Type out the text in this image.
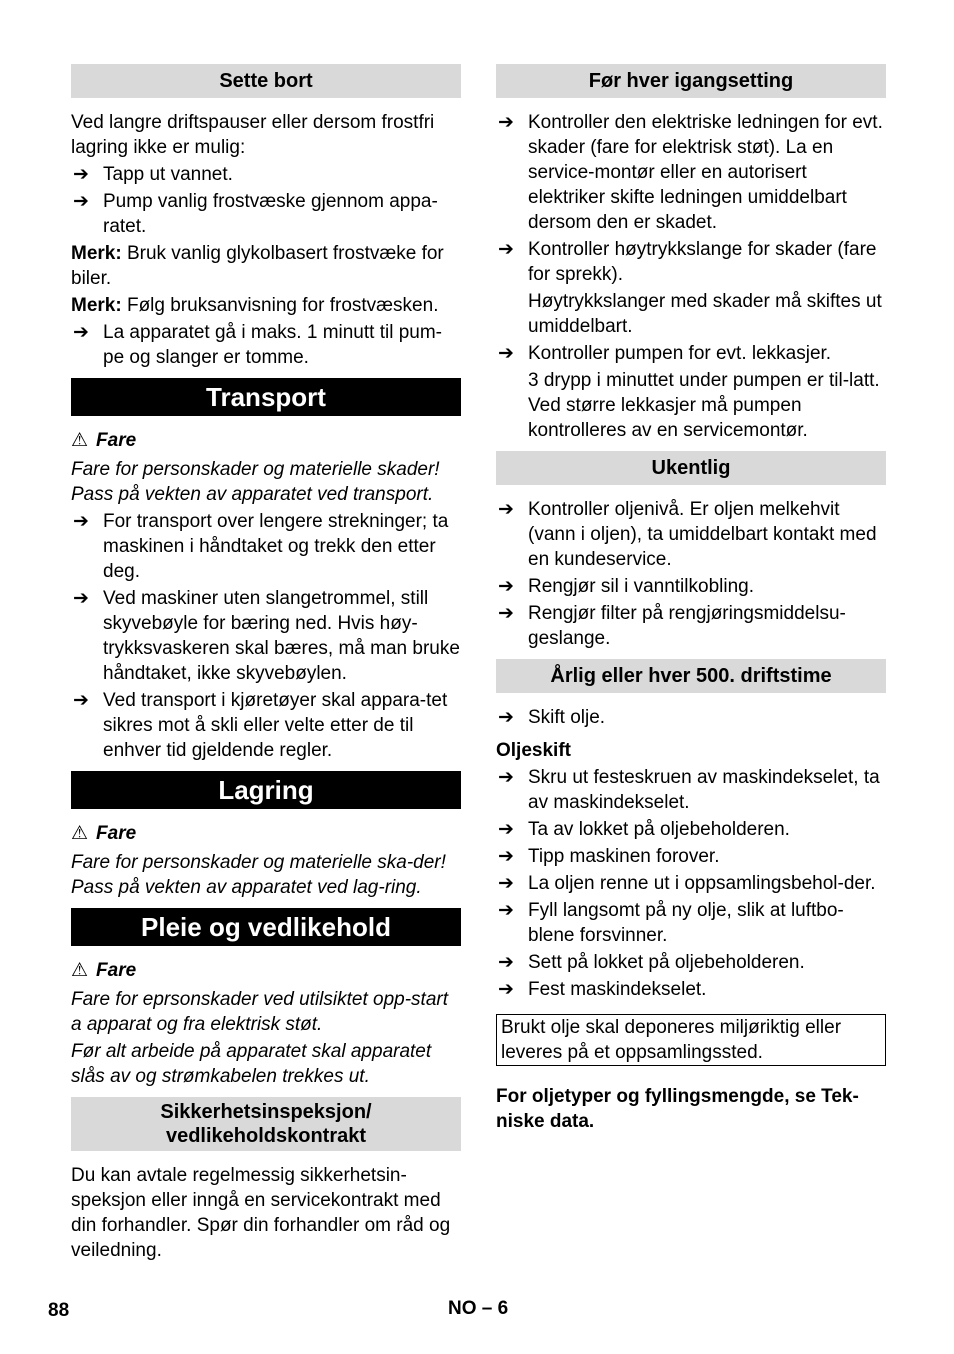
Sette bort

Ved langre driftspauser eller dersom frostfri lagring ikke er mulig:

➔ Tapp ut vannet.
➔ Pump vanlig frostvæske gjennom appa-ratet.

Merk: Bruk vanlig glykolbasert frostvæke for biler.

Merk: Følg bruksanvisning for frostvæsken.

➔ La apparatet gå i maks. 1 minutt til pum-pe og slanger er tomme.
Transport

⚠ Fare

Fare for personskader og materielle skader! Pass på vekten av apparatet ved transport.

➔ For transport over lengere strekninger; ta maskinen i håndtaket og trekk den etter deg.
➔ Ved maskiner uten slangetrommel, still skyvebøyle for bæring ned. Hvis høy-trykksvaskeren skal bæres, må man bruke håndtaket, ikke skyvebøylen.
➔ Ved transport i kjøretøyer skal appara-tet sikres mot å skli eller velte etter de til enhver tid gjeldende regler.
Lagring

⚠ Fare

Fare for personskader og materielle ska-der! Pass på vekten av apparatet ved lag-ring.

Pleie og vedlikehold

⚠ Fare

Fare for eprsonskader ved utilsiktet opp-start a apparat og fra elektrisk støt.

Før alt arbeide på apparatet skal apparatet slås av og strømkabelen trekkes ut.

Sikkerhetsinspeksjon/
vedlikeholdskontrakt

Du kan avtale regelmessig sikkerhetsin-speksjon eller inngå en servicekontrakt med din forhandler. Spør din forhandler om råd og veiledning.

Før hver igangsetting
➔ Kontroller den elektriske ledningen for evt. skader (fare for elektrisk støt). La en service-montør eller en autorisert elektriker skifte ledningen umiddelbart dersom den er skadet.
➔ Kontroller høytrykkslange for skader (fare for sprekk).

Høytrykkslanger med skader må skiftes ut umiddelbart.

➔ Kontroller pumpen for evt. lekkasjer.

3 drypp i minuttet under pumpen er til-latt. Ved større lekkasjer må pumpen kontrolleres av en servicemontør.

Ukentlig
➔ Kontroller oljenivå. Er oljen melkehvit (vann i oljen), ta umiddelbart kontakt med en kundeservice.
➔ Rengjør sil i vanntilkobling.
➔ Rengjør filter på rengjøringsmiddelsu-geslange.
Årlig eller hver 500. driftstime
➔ Skift olje.

Oljeskift

➔ Skru ut festeskruen av maskindekselet, ta av maskindekselet.
➔ Ta av lokket på oljebeholderen.
➔ Tipp maskinen forover.
➔ La oljen renne ut i oppsamlingsbehol-der.
➔ Fyll langsomt på ny olje, slik at luftbo-blene forsvinner.
➔ Sett på lokket på oljebeholderen.
➔ Fest maskindekselet.
Brukt olje skal deponeres miljøriktig eller leveres på et oppsamlingssted.

For oljetyper og fyllingsmengde, se Tek-niske data.

88	NO – 6
